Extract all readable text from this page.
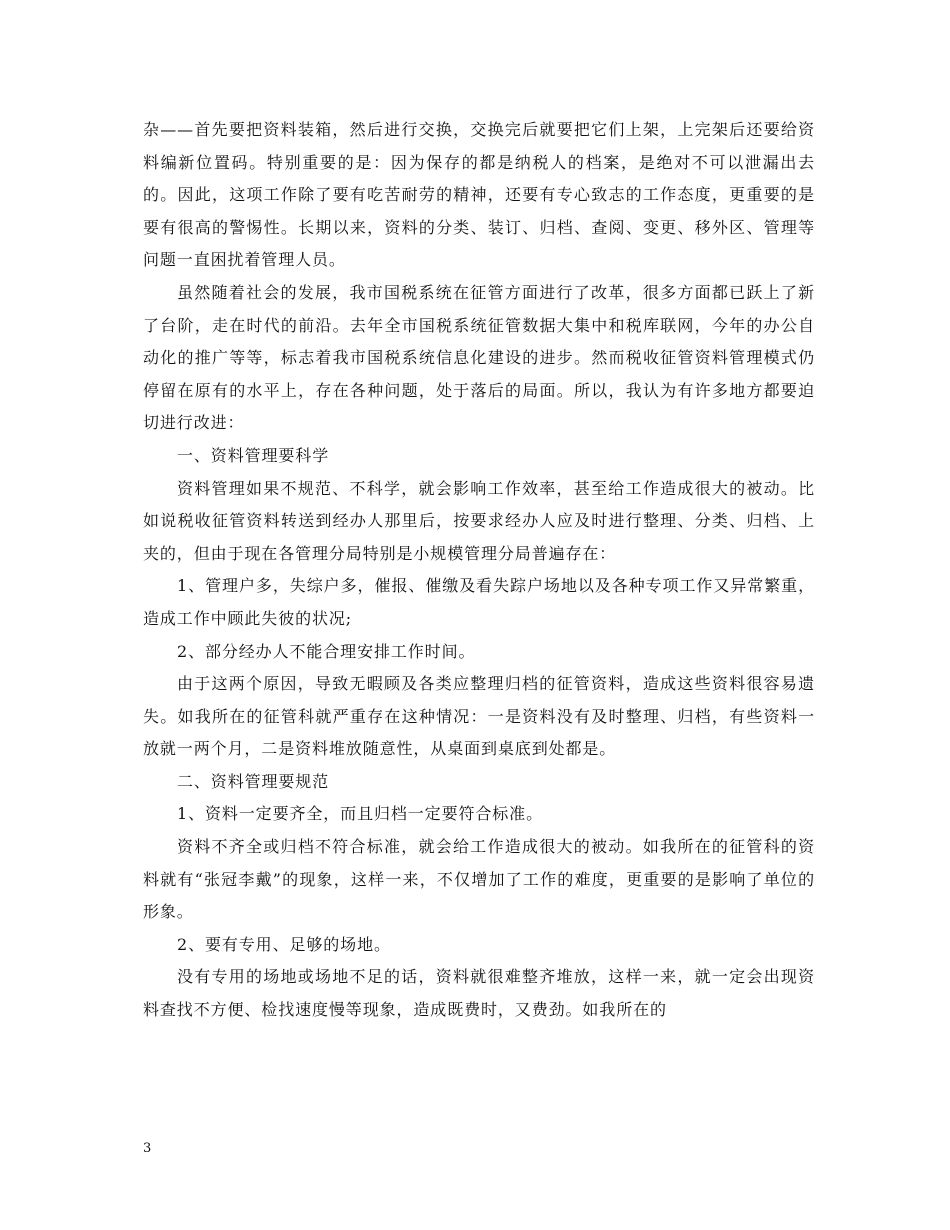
杂——首先要把资料装箱，然后进行交换，交换完后就要把它们上架，上完架后还要给资料编新位置码。特别重要的是：因为保存的都是纳税人的档案，是绝对不可以泄漏出去的。因此，这项工作除了要有吃苦耐劳的精神，还要有专心致志的工作态度，更重要的是要有很高的警惕性。长期以来，资料的分类、装订、归档、查阅、变更、移外区、管理等问题一直困扰着管理人员。

虽然随着社会的发展，我市国税系统在征管方面进行了改革，很多方面都已跃上了新了台阶，走在时代的前沿。去年全市国税系统征管数据大集中和税库联网，今年的办公自动化的推广等等，标志着我市国税系统信息化建设的进步。然而税收征管资料管理模式仍停留在原有的水平上，存在各种问题，处于落后的局面。所以，我认为有许多地方都要迫切进行改进：

一、资料管理要科学

资料管理如果不规范、不科学，就会影响工作效率，甚至给工作造成很大的被动。比如说税收征管资料转送到经办人那里后，按要求经办人应及时进行整理、分类、归档、上夹的，但由于现在各管理分局特别是小规模管理分局普遍存在：

1、管理户多，失综户多，催报、催缴及看失踪户场地以及各种专项工作又异常繁重，造成工作中顾此失彼的状况;

2、部分经办人不能合理安排工作时间。

由于这两个原因，导致无暇顾及各类应整理归档的征管资料，造成这些资料很容易遗失。如我所在的征管科就严重存在这种情况：一是资料没有及时整理、归档，有些资料一放就一两个月，二是资料堆放随意性，从桌面到桌底到处都是。

二、资料管理要规范

1、资料一定要齐全，而且归档一定要符合标准。

资料不齐全或归档不符合标准，就会给工作造成很大的被动。如我所在的征管科的资料就有“张冠李戴”的现象，这样一来，不仅增加了工作的难度，更重要的是影响了单位的形象。

2、要有专用、足够的场地。

没有专用的场地或场地不足的话，资料就很难整齐堆放，这样一来，就一定会出现资料查找不方便、检找速度慢等现象，造成既费时，又费劲。如我所在的

3
